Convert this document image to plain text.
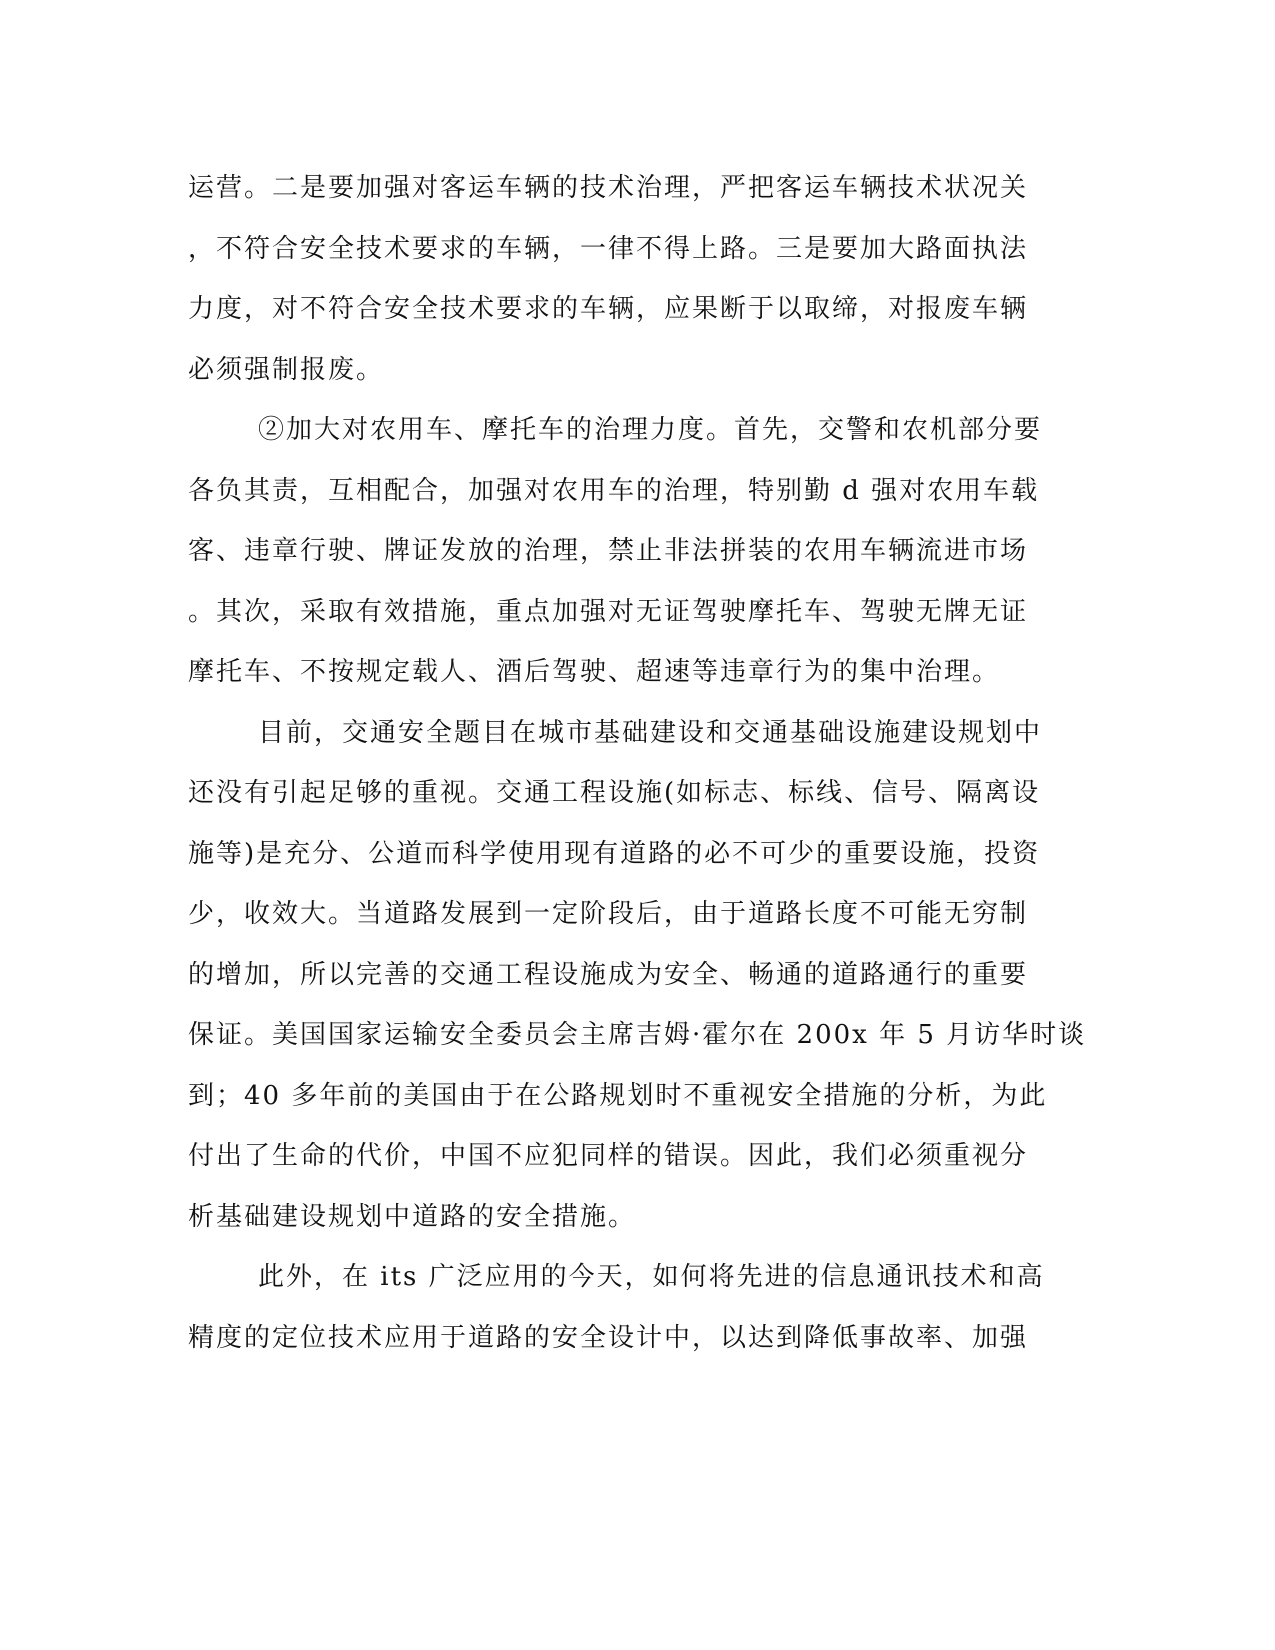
运营。二是要加强对客运车辆的技术治理，严把客运车辆技术状况关

，不符合安全技术要求的车辆，一律不得上路。三是要加大路面执法

力度，对不符合安全技术要求的车辆，应果断于以取缔，对报废车辆

必须强制报废。

②加大对农用车、摩托车的治理力度。首先，交警和农机部分要

各负其责，互相配合，加强对农用车的治理，特别勤 d 强对农用车载

客、违章行驶、牌证发放的治理，禁止非法拼装的农用车辆流进市场

。其次，采取有效措施，重点加强对无证驾驶摩托车、驾驶无牌无证

摩托车、不按规定载人、酒后驾驶、超速等违章行为的集中治理。

目前，交通安全题目在城市基础建设和交通基础设施建设规划中

还没有引起足够的重视。交通工程设施(如标志、标线、信号、隔离设

施等)是充分、公道而科学使用现有道路的必不可少的重要设施，投资

少，收效大。当道路发展到一定阶段后，由于道路长度不可能无穷制

的增加，所以完善的交通工程设施成为安全、畅通的道路通行的重要

保证。美国国家运输安全委员会主席吉姆·霍尔在 200x 年 5 月访华时谈

到；40 多年前的美国由于在公路规划时不重视安全措施的分析，为此

付出了生命的代价，中国不应犯同样的错误。因此，我们必须重视分

析基础建设规划中道路的安全措施。

此外，在 its 广泛应用的今天，如何将先进的信息通讯技术和高

精度的定位技术应用于道路的安全设计中，以达到降低事故率、加强
